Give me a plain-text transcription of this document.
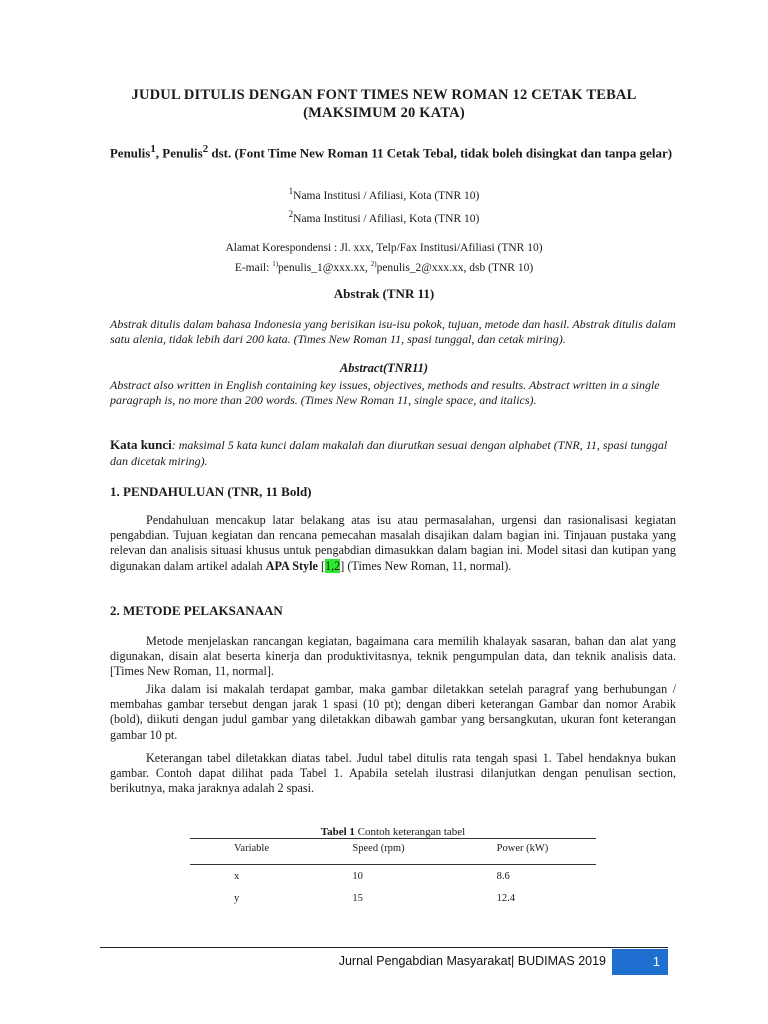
JUDUL DITULIS DENGAN FONT TIMES NEW ROMAN 12 CETAK TEBAL
(MAKSIMUM 20 KATA)
Penulis$^1$, Penulis$^2$ dst. (Font Time New Roman 11 Cetak Tebal, tidak boleh disingkat dan tanpa gelar)
$^1$Nama Institusi / Afiliasi, Kota (TNR 10)
$^2$Nama Institusi / Afiliasi, Kota (TNR 10)
Alamat Korespondensi : Jl. xxx, Telp/Fax Institusi/Afiliasi (TNR 10)
E-mail: $^{1)}$penulis_1@xxx.xx, $^{2)}$penulis_2@xxx.xx, dsb (TNR 10)
Abstrak (TNR 11)
Abstrak ditulis dalam bahasa Indonesia yang berisikan isu-isu pokok, tujuan, metode dan hasil. Abstrak ditulis dalam satu alenia, tidak lebih dari 200 kata. (Times New Roman 11, spasi tunggal, dan cetak miring).
Abstract(TNR11)
Abstract also written in English containing key issues, objectives, methods and results. Abstract written in a single paragraph is, no more than 200 words. (Times New Roman 11, single space, and italics).
Kata kunci: maksimal 5 kata kunci dalam makalah dan diurutkan sesuai dengan alphabet (TNR, 11, spasi tunggal dan dicetak miring).
1. PENDAHULUAN (TNR, 11 Bold)
Pendahuluan mencakup latar belakang atas isu atau permasalahan, urgensi dan rasionalisasi kegiatan pengabdian. Tujuan kegiatan dan rencana pemecahan masalah disajikan dalam bagian ini. Tinjauan pustaka yang relevan dan analisis situasi khusus untuk pengabdian dimasukkan dalam bagian ini. Model sitasi dan kutipan yang digunakan dalam artikel adalah APA Style [1,2] (Times New Roman, 11, normal).
2. METODE PELAKSANAAN
Metode menjelaskan rancangan kegiatan, bagaimana cara memilih khalayak sasaran, bahan dan alat yang digunakan, disain alat beserta kinerja dan produktivitasnya, teknik pengumpulan data, dan teknik analisis data. [Times New Roman, 11, normal].
Jika dalam isi makalah terdapat gambar, maka gambar diletakkan setelah paragraf yang berhubungan / membahas gambar tersebut dengan jarak 1 spasi (10 pt); dengan diberi keterangan Gambar dan nomor Arabik (bold), diikuti dengan judul gambar yang diletakkan dibawah gambar yang bersangkutan, ukuran font keterangan gambar 10 pt.
Keterangan tabel diletakkan diatas tabel. Judul tabel ditulis rata tengah spasi 1. Tabel hendaknya bukan gambar. Contoh dapat dilihat pada Tabel 1. Apabila setelah ilustrasi dilanjutkan dengan penulisan section, berikutnya, maka jaraknya adalah 2 spasi.
Tabel 1 Contoh keterangan tabel
Variable	Speed (rpm)	Power (kW)
x	10	8.6
y	15	12.4
Jurnal Pengabdian Masyarakat| BUDIMAS 2019	1
